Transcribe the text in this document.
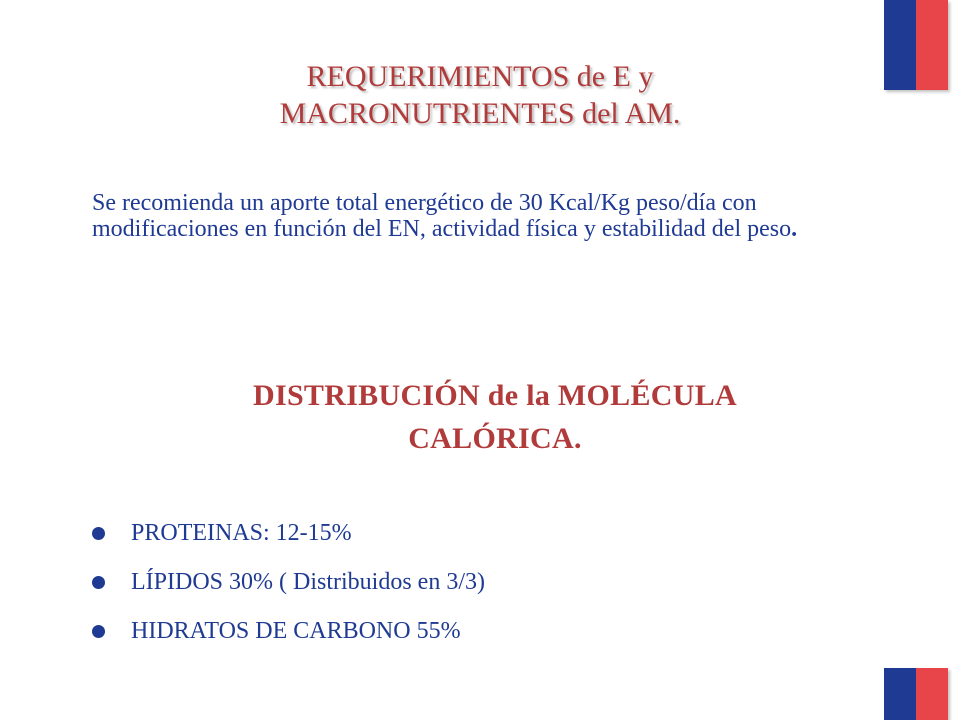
REQUERIMIENTOS de E y
MACRONUTRIENTES del AM.
Se recomienda un aporte total energético de 30 Kcal/Kg peso/día con modificaciones en función del EN, actividad física y estabilidad del peso.
DISTRIBUCIÓN de la MOLÉCULA
CALÓRICA.
PROTEINAS: 12-15%
LÍPIDOS 30% ( Distribuidos en 3/3)
HIDRATOS DE CARBONO 55%
